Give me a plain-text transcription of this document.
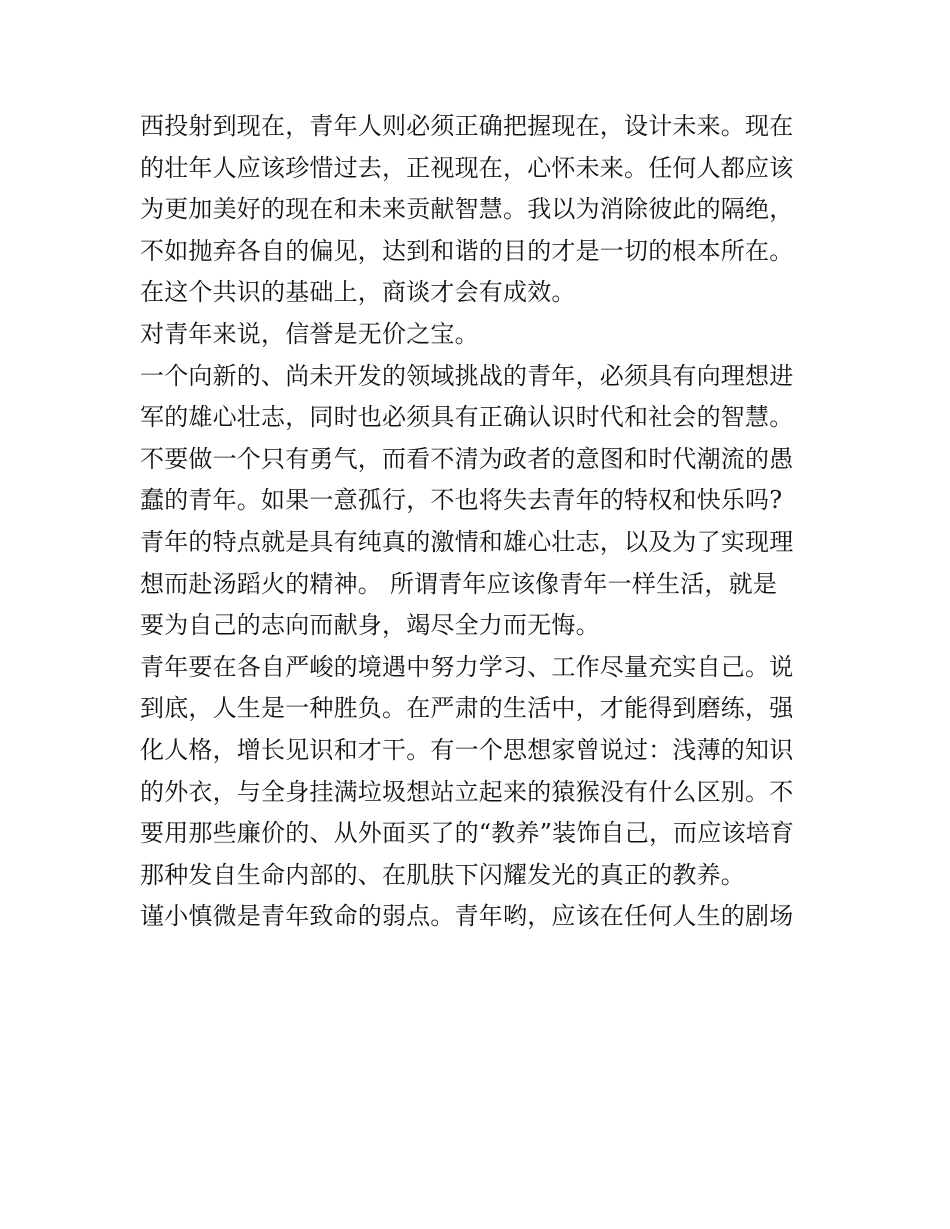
西投射到现在，青年人则必须正确把握现在，设计未来。现在
的壮年人应该珍惜过去，正视现在，心怀未来。任何人都应该
为更加美好的现在和未来贡献智慧。我以为消除彼此的隔绝，
不如抛弃各自的偏见，达到和谐的目的才是一切的根本所在。
在这个共识的基础上，商谈才会有成效。
对青年来说，信誉是无价之宝。
一个向新的、尚未开发的领域挑战的青年，必须具有向理想进
军的雄心壮志，同时也必须具有正确认识时代和社会的智慧。
不要做一个只有勇气，而看不清为政者的意图和时代潮流的愚
蠢的青年。如果一意孤行，不也将失去青年的特权和快乐吗?
青年的特点就是具有纯真的激情和雄心壮志，以及为了实现理
想而赴汤蹈火的精神。 所谓青年应该像青年一样生活，就是
要为自己的志向而献身，竭尽全力而无悔。
青年要在各自严峻的境遇中努力学习、工作尽量充实自己。说
到底，人生是一种胜负。在严肃的生活中，才能得到磨练，强
化人格，增长见识和才干。有一个思想家曾说过：浅薄的知识
的外衣，与全身挂满垃圾想站立起来的猿猴没有什么区别。不
要用那些廉价的、从外面买了的“教养”装饰自己，而应该培育
那种发自生命内部的、在肌肤下闪耀发光的真正的教养。
谨小慎微是青年致命的弱点。青年哟，应该在任何人生的剧场
